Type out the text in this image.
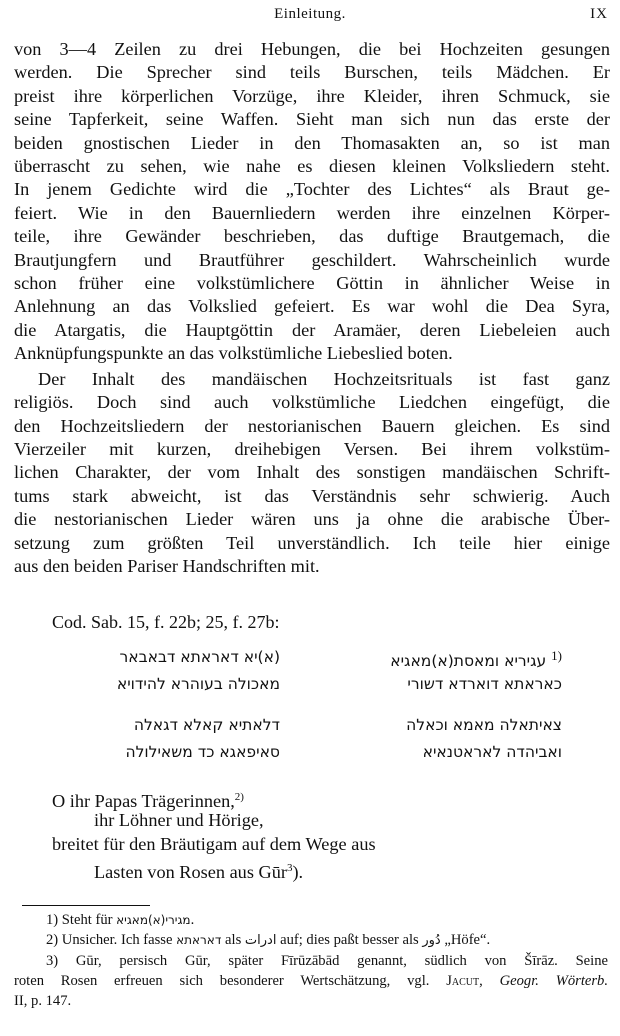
Einleitung.	IX
von 3—4 Zeilen zu drei Hebungen, die bei Hochzeiten gesungen
werden. Die Sprecher sind teils Burschen, teils Mädchen. Er
preist ihre körperlichen Vorzüge, ihre Kleider, ihren Schmuck, sie
seine Tapferkeit, seine Waffen. Sieht man sich nun das erste der
beiden gnostischen Lieder in den Thomasakten an, so ist man
überrascht zu sehen, wie nahe es diesen kleinen Volksliedern steht.
In jenem Gedichte wird die „Tochter des Lichtes“ als Braut ge-
feiert. Wie in den Bauernliedern werden ihre einzelnen Körper-
teile, ihre Gewänder beschrieben, das duftige Brautgemach, die
Brautjungfern und Brautführer geschildert. Wahrscheinlich wurde
schon früher eine volkstümlichere Göttin in ähnlicher Weise in
Anlehnung an das Volkslied gefeiert. Es war wohl die Dea Syra,
die Atargatis, die Hauptgöttin der Aramäer, deren Liebeleien auch
Anknüpfungspunkte an das volkstümliche Liebeslied boten.
Der Inhalt des mandäischen Hochzeitsrituals ist fast ganz
religiös. Doch sind auch volkstümliche Liedchen eingefügt, die
den Hochzeitsliedern der nestorianischen Bauern gleichen. Es sind
Vierzeiler mit kurzen, dreihebigen Versen. Bei ihrem volkstüm-
lichen Charakter, der vom Inhalt des sonstigen mandäischen Schrift-
tums stark abweicht, ist das Verständnis sehr schwierig. Auch
die nestorianischen Lieder wären uns ja ohne die arabische Über-
setzung zum größten Teil unverständlich. Ich teile hier einige
aus den beiden Pariser Handschriften mit.
Cod. Sab. 15, f. 22b; 25, f. 27b:
$^{1)}$ עגיריא ומאסת(א)מאגיא
(א)יא דאראתא דבאבאר
כאראתא דוארדא דשורי
מאכולה בעוהרא להידויא
צאיתאלה מאמא וכאלה
דלאתיא קאלא דגאלה
ואביהדה לאראטנאיא
סאיפאגא כד משאילולה
O ihr Papas Trägerinnen,$^{2)}$
ihr Löhner und Hörige,
breitet für den Bräutigam auf dem Wege aus
Lasten von Rosen aus Gūr$^3$).
1) Steht für מגירי(א)מאגיא.
2) Unsicher. Ich fasse דאראתא als ادرات auf; dies paßt besser als دُور „Höfe“.
3) Gūr, persisch Gūr, später Fīrūzābād genannt, südlich von Šīrāz. Seine
roten Rosen erfreuen sich besonderer Wertschätzung, vgl. Jacut, Geogr. Wörterb.
II, p. 147.
